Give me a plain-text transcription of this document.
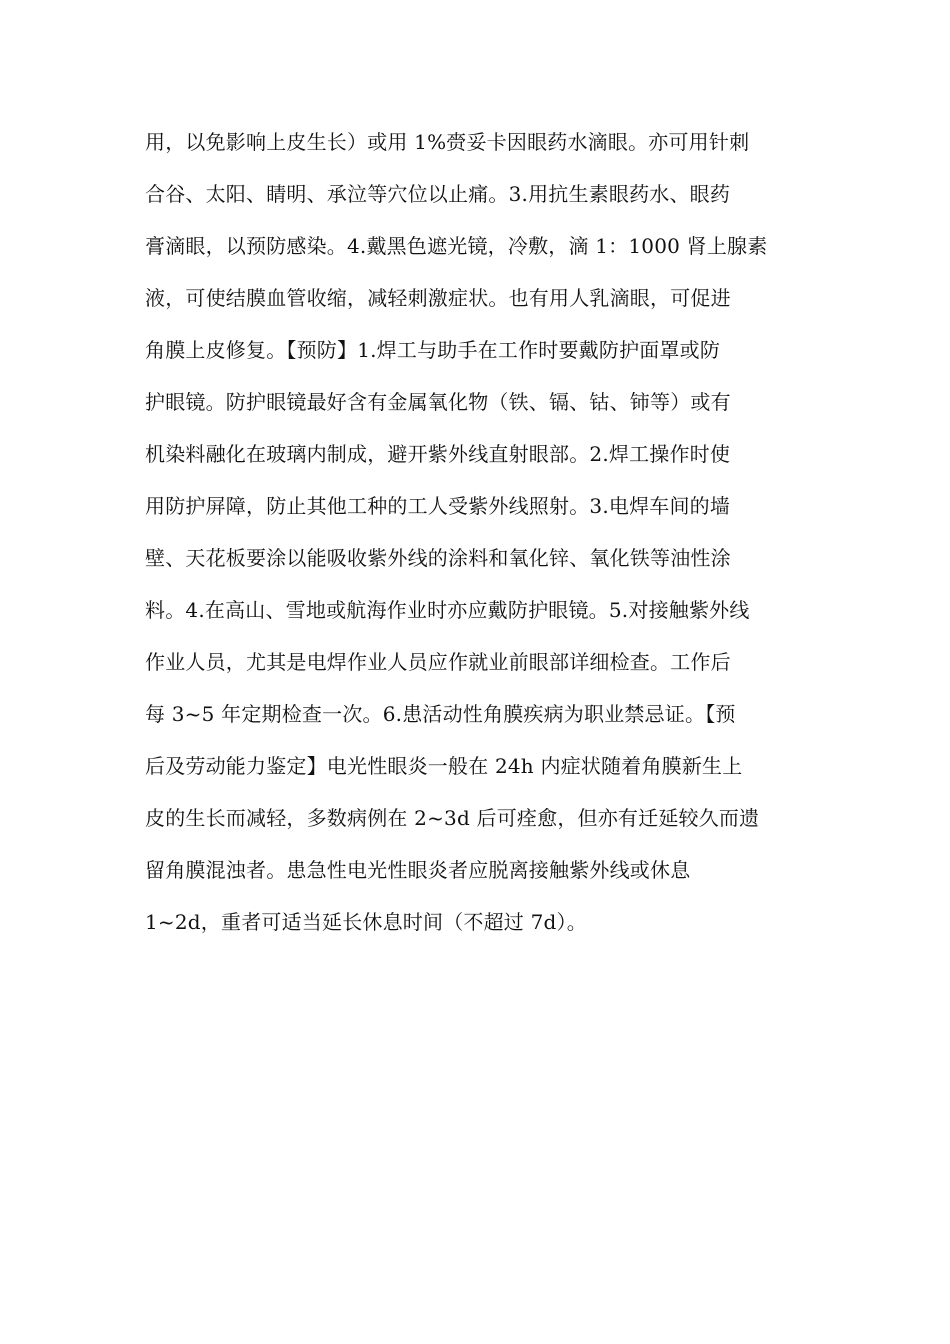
用，以免影响上皮生长）或用 1%赍妥卡因眼药水滴眼。亦可用针刺
合谷、太阳、睛明、承泣等穴位以止痛。3.用抗生素眼药水、眼药
膏滴眼，以预防感染。4.戴黑色遮光镜，冷敷，滴 1：1000 肾上腺素
液，可使结膜血管收缩，减轻刺激症状。也有用人乳滴眼，可促进
角膜上皮修复。【预防】1.焊工与助手在工作时要戴防护面罩或防
护眼镜。防护眼镜最好含有金属氧化物（铁、镉、钴、铈等）或有
机染料融化在玻璃内制成，避开紫外线直射眼部。2.焊工操作时使
用防护屏障，防止其他工种的工人受紫外线照射。3.电焊车间的墙
壁、天花板要涂以能吸收紫外线的涂料和氧化锌、氧化铁等油性涂
料。4.在高山、雪地或航海作业时亦应戴防护眼镜。5.对接触紫外线
作业人员，尤其是电焊作业人员应作就业前眼部详细检查。工作后
每 3~5 年定期检查一次。6.患活动性角膜疾病为职业禁忌证。【预
后及劳动能力鉴定】电光性眼炎一般在 24h 内症状随着角膜新生上
皮的生长而减轻，多数病例在 2~3d 后可痊愈，但亦有迁延较久而遗
留角膜混浊者。患急性电光性眼炎者应脱离接触紫外线或休息
1~2d，重者可适当延长休息时间（不超过 7d）。
